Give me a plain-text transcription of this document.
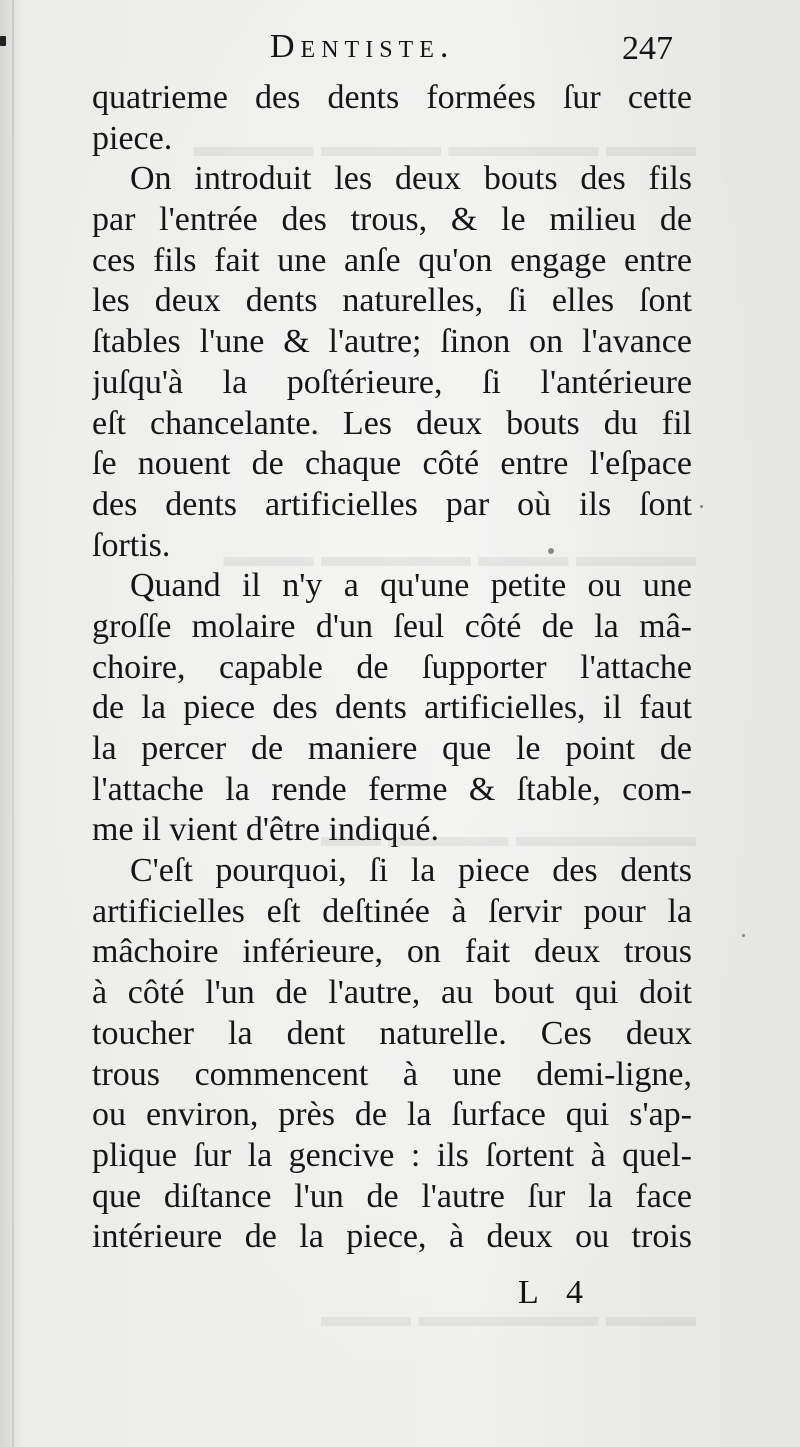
▬▬▬ ▬▬▬▬▬ ▬▬▬▬ ▬▬▬▬
▬▬▬▬ ▬▬▬ ▬▬▬▬▬ ▬▬▬
▬▬▬▬▬▬ ▬▬▬▬ ▬▬
▬▬▬ ▬▬▬▬▬▬ ▬▬▬
Dentiste.	247
quatrieme des dents formées ſur cette
piece.
On introduit les deux bouts des fils
par l'entrée des trous, & le milieu de
ces fils fait une anſe qu'on engage entre
les deux dents naturelles, ſi elles ſont
ſtables l'une & l'autre; ſinon on l'avance
juſqu'à la poſtérieure, ſi l'antérieure
eſt chancelante. Les deux bouts du fil
ſe nouent de chaque côté entre l'eſpace
des dents artificielles par où ils ſont
ſortis.
Quand il n'y a qu'une petite ou une
groſſe molaire d'un ſeul côté de la mâ-
choire, capable de ſupporter l'attache
de la piece des dents artificielles, il faut
la percer de maniere que le point de
l'attache la rende ferme & ſtable, com-
me il vient d'être indiqué.
C'eſt pourquoi, ſi la piece des dents
artificielles eſt deſtinée à ſervir pour la
mâchoire inférieure, on fait deux trous
à côté l'un de l'autre, au bout qui doit
toucher la dent naturelle. Ces deux
trous commencent à une demi-ligne,
ou environ, près de la ſurface qui s'ap-
plique ſur la gencive : ils ſortent à quel-
que diſtance l'un de l'autre ſur la face
intérieure de la piece, à deux ou trois
L 4
